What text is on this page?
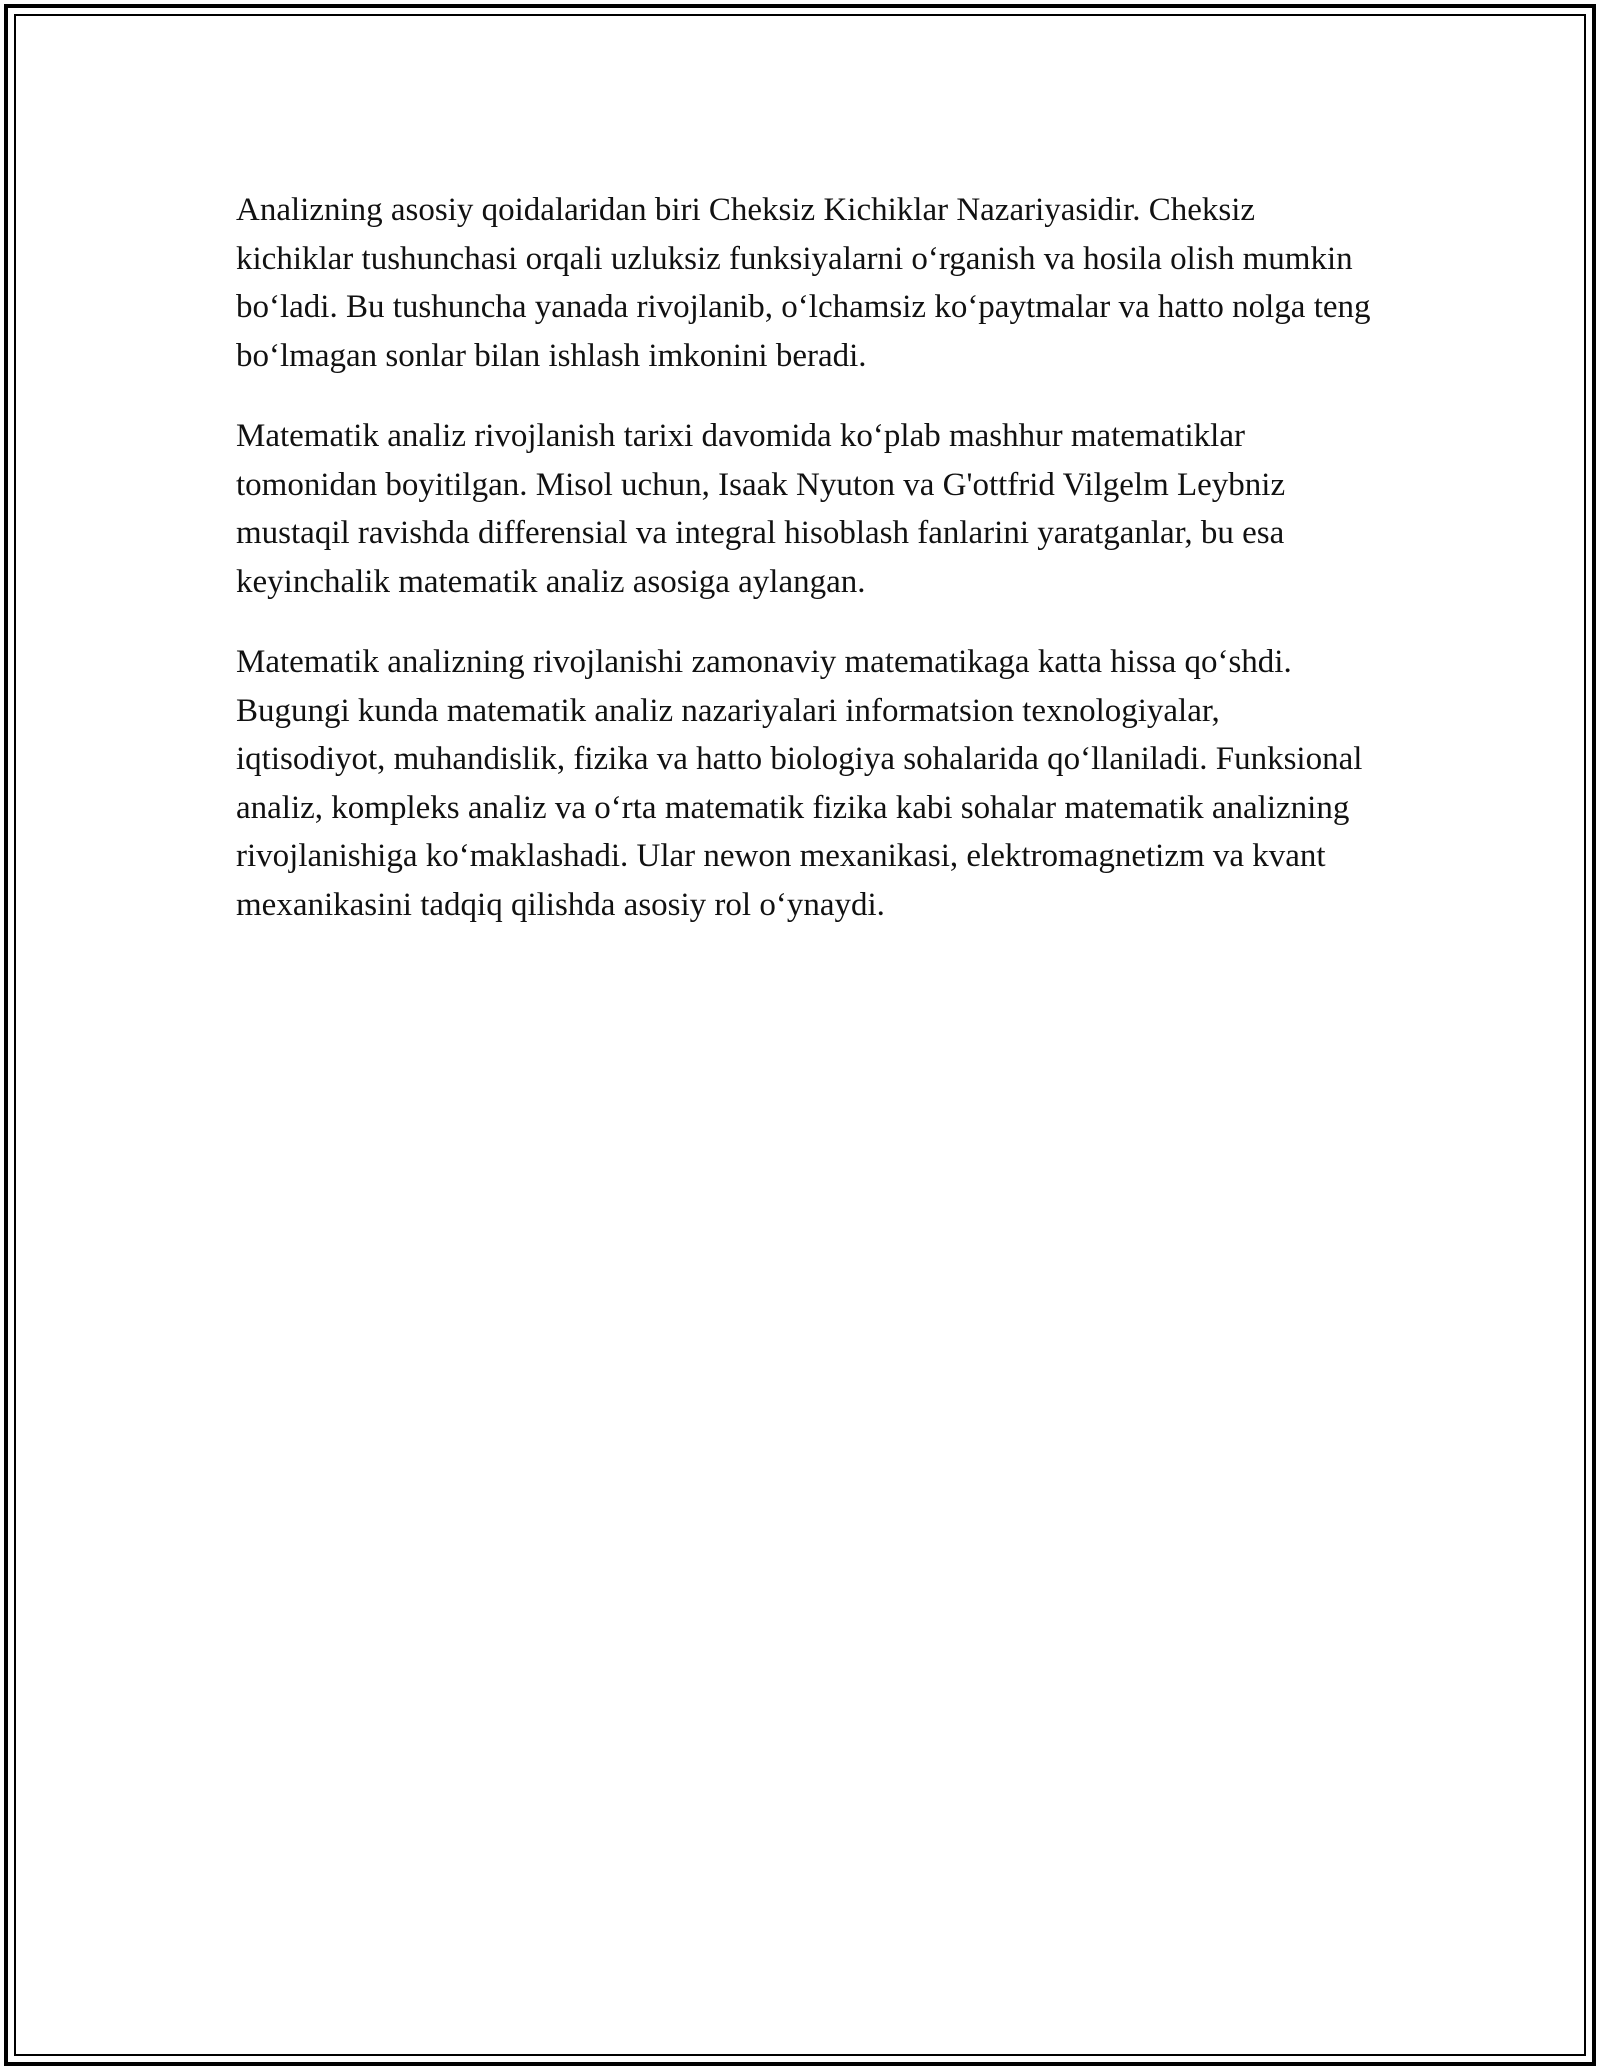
Analizning asosiy qoidalaridan biri Cheksiz Kichiklar Nazariyasidir. Cheksiz kichiklar tushunchasi orqali uzluksiz funksiyalarni o‘rganish va hosila olish mumkin bo‘ladi. Bu tushuncha yanada rivojlanib, o‘lchamsiz ko‘paytmalar va hatto nolga teng bo‘lmagan sonlar bilan ishlash imkonini beradi.

Matematik analiz rivojlanish tarixi davomida ko‘plab mashhur matematiklar tomonidan boyitilgan. Misol uchun, Isaak Nyuton va G'ottfrid Vilgelm Leybniz mustaqil ravishda differensial va integral hisoblash fanlarini yaratganlar, bu esa keyinchalik matematik analiz asosiga aylangan.

Matematik analizning rivojlanishi zamonaviy matematikaga katta hissa qo‘shdi. Bugungi kunda matematik analiz nazariyalari informatsion texnologiyalar, iqtisodiyot, muhandislik, fizika va hatto biologiya sohalarida qo‘llaniladi. Funksional analiz, kompleks analiz va o‘rta matematik fizika kabi sohalar matematik analizning rivojlanishiga ko‘maklashadi. Ular newon mexanikasi, elektromagnetizm va kvant mexanikasini tadqiq qilishda asosiy rol o‘ynaydi.
